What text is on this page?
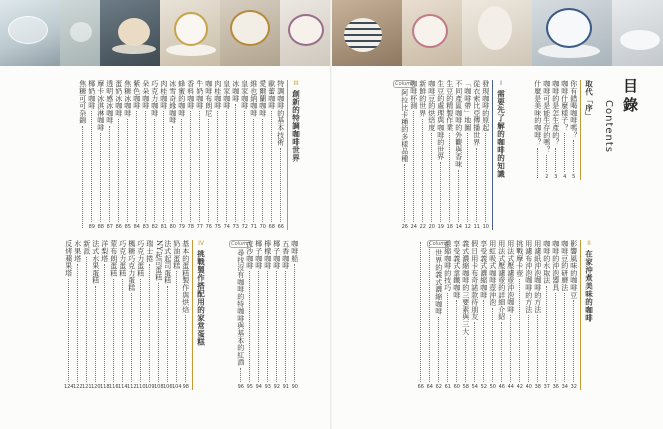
目錄
Contents
取代「序」
你有錯喝咖啡嗎？
5
咖啡什麼樣子？
4
咖啡的是怎生產的？
3
咖啡可是能生存的嗎？
2
什麼是美味的咖啡？
I
需要先了解的咖啡的知識
發現咖啡的原起
10
從衣索比亞傳播世界
11
「咖啡帶」地圖
12
不同產區咖啡的外觀與香味
14
生豆的精製作業
18
生豆的處理與咖啡的世界
19
咖啡豆的烘焙度
20
新鮮的世界
22
咖啡杯測
24
Column
阿拉比卡種的多樣品種
26
II
在家沖煮美味的咖啡
影響風味的咖啡豆
32
咖啡豆的研磨法
34
咖啡的沖泡器具
36
咖啡的水取法
37
用濾紙沖泡咖啡的方法
38
用濾布沖泡咖啡的方法
40
挑戰摩卡壺
42
用法式壓濾壺沖泡咖啡
44
用法式壓濾壺的詳細介紹
46
用虹吸式咖啡壺沖泡
50
享受義式濃縮咖啡
52
假日用卡布奇諾款待朋友
54
義式濃縮咖啡的三要素與三大
58
享受義式拿鐵咖啡
60
濃縮咖啡的技巧
61
Column
世界的義式濃縮咖啡
62
64
66
III
創新的特調咖啡世界
特調咖啡的基本技術
66
歐蕾咖啡
68
愛爾蘭咖啡
70
維也納咖啡
71
皇家咖啡
72
冰咖啡
73
皇家咖啡
74
肉桂咖啡
75
咖啡布朗尼
76
牛奶咖啡
77
香料咖啡
78
蜂蜜的咖啡
79
冰雪奇緣咖啡
80
肉桂咖啡
81
巧克力咖啡
82
朵朵咖啡
83
紫色咖啡
84
焦糖冰咖啡
85
蛋奶冰咖啡
86
透明感冰咖啡
87
摩卡冰淇淋咖啡
88
椰奶咖啡
89
焦糖可可杂錦
咖啡船
90
五香咖啡
91
椰子咖啡
92
檸檬咖啡
93
椰子咖啡
94
流沙咖啡
95
Column
尋找沒有咖啡的特咖啡與基本的紅酒
96
IV
挑戰製作搭配用的家常蛋糕
基本的蛋糕製作與烘焙
98
奶油蛋糕
104
法式起司蛋糕
106
NY起司蛋糕
108
瑞士捲
109
巧克力蛋糕
110
楓糖巧克力蛋糕
112
巧克力蛋糕
114
蒙布朗蛋糕
116
洋梨塔
118
法式水果蛋糕
120
新派
121
水果塔
122
反烤蘋果塔
124
